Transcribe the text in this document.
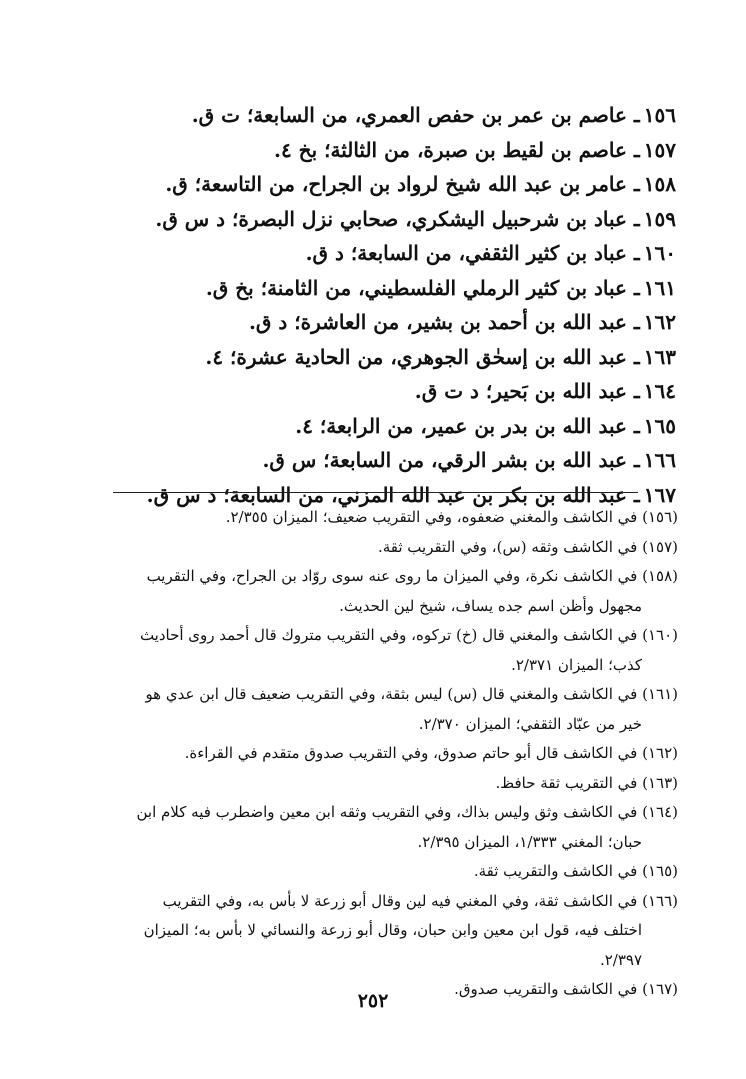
١٥٦ـ عاصم بن عمر بن حفص العمري، من السابعة؛ ت ق.
١٥٧ـ عاصم بن لقيط بن صبرة، من الثالثة؛ بخ ٤.
١٥٨ـ عامر بن عبد الله شيخ لرواد بن الجراح، من التاسعة؛ ق.
١٥٩ـ عباد بن شرحبيل اليشكري، صحابي نزل البصرة؛ د س ق.
١٦٠ـ عباد بن كثير الثقفي، من السابعة؛ د ق.
١٦١ـ عباد بن كثير الرملي الفلسطيني، من الثامنة؛ بخ ق.
١٦٢ـ عبد الله بن أحمد بن بشير، من العاشرة؛ د ق.
١٦٣ـ عبد الله بن إسحٰق الجوهري، من الحادية عشرة؛ ٤.
١٦٤ـ عبد الله بن بَحير؛ د ت ق.
١٦٥ـ عبد الله بن بدر بن عمير، من الرابعة؛ ٤.
١٦٦ـ عبد الله بن بشر الرقي، من السابعة؛ س ق.
١٦٧ـ عبد الله بن بكر بن عبد الله المزني، من السابعة؛ د س ق.
(١٥٦) في الكاشف والمغني ضعفوه، وفي التقريب ضعيف؛ الميزان ٢/٣٥٥.
(١٥٧) في الكاشف وثقه (س)، وفي التقريب ثقة.
(١٥٨) في الكاشف نكرة، وفي الميزان ما روى عنه سوى روّاد بن الجراح، وفي التقريب
مجهول وأظن اسم جده يساف، شيخ لين الحديث.
(١٦٠) في الكاشف والمغني قال (خ) تركوه، وفي التقريب متروك قال أحمد روى أحاديث
كذب؛ الميزان ٢/٣٧١.
(١٦١) في الكاشف والمغني قال (س) ليس بثقة، وفي التقريب ضعيف قال ابن عدي هو
خير من عبّاد الثقفي؛ الميزان ٢/٣٧٠.
(١٦٢) في الكاشف قال أبو حاتم صدوق، وفي التقريب صدوق متقدم في القراءة.
(١٦٣) في التقريب ثقة حافظ.
(١٦٤) في الكاشف وثق وليس بذاك، وفي التقريب وثقه ابن معين واضطرب فيه كلام ابن
حبان؛ المغني ١/٣٣٣، الميزان ٢/٣٩٥.
(١٦٥) في الكاشف والتقريب ثقة.
(١٦٦) في الكاشف ثقة، وفي المغني فيه لين وقال أبو زرعة لا بأس به، وفي التقريب
اختلف فيه، قول ابن معين وابن حبان، وقال أبو زرعة والنسائي لا بأس به؛ الميزان
٢/٣٩٧.
(١٦٧) في الكاشف والتقريب صدوق.
٢٥٢
